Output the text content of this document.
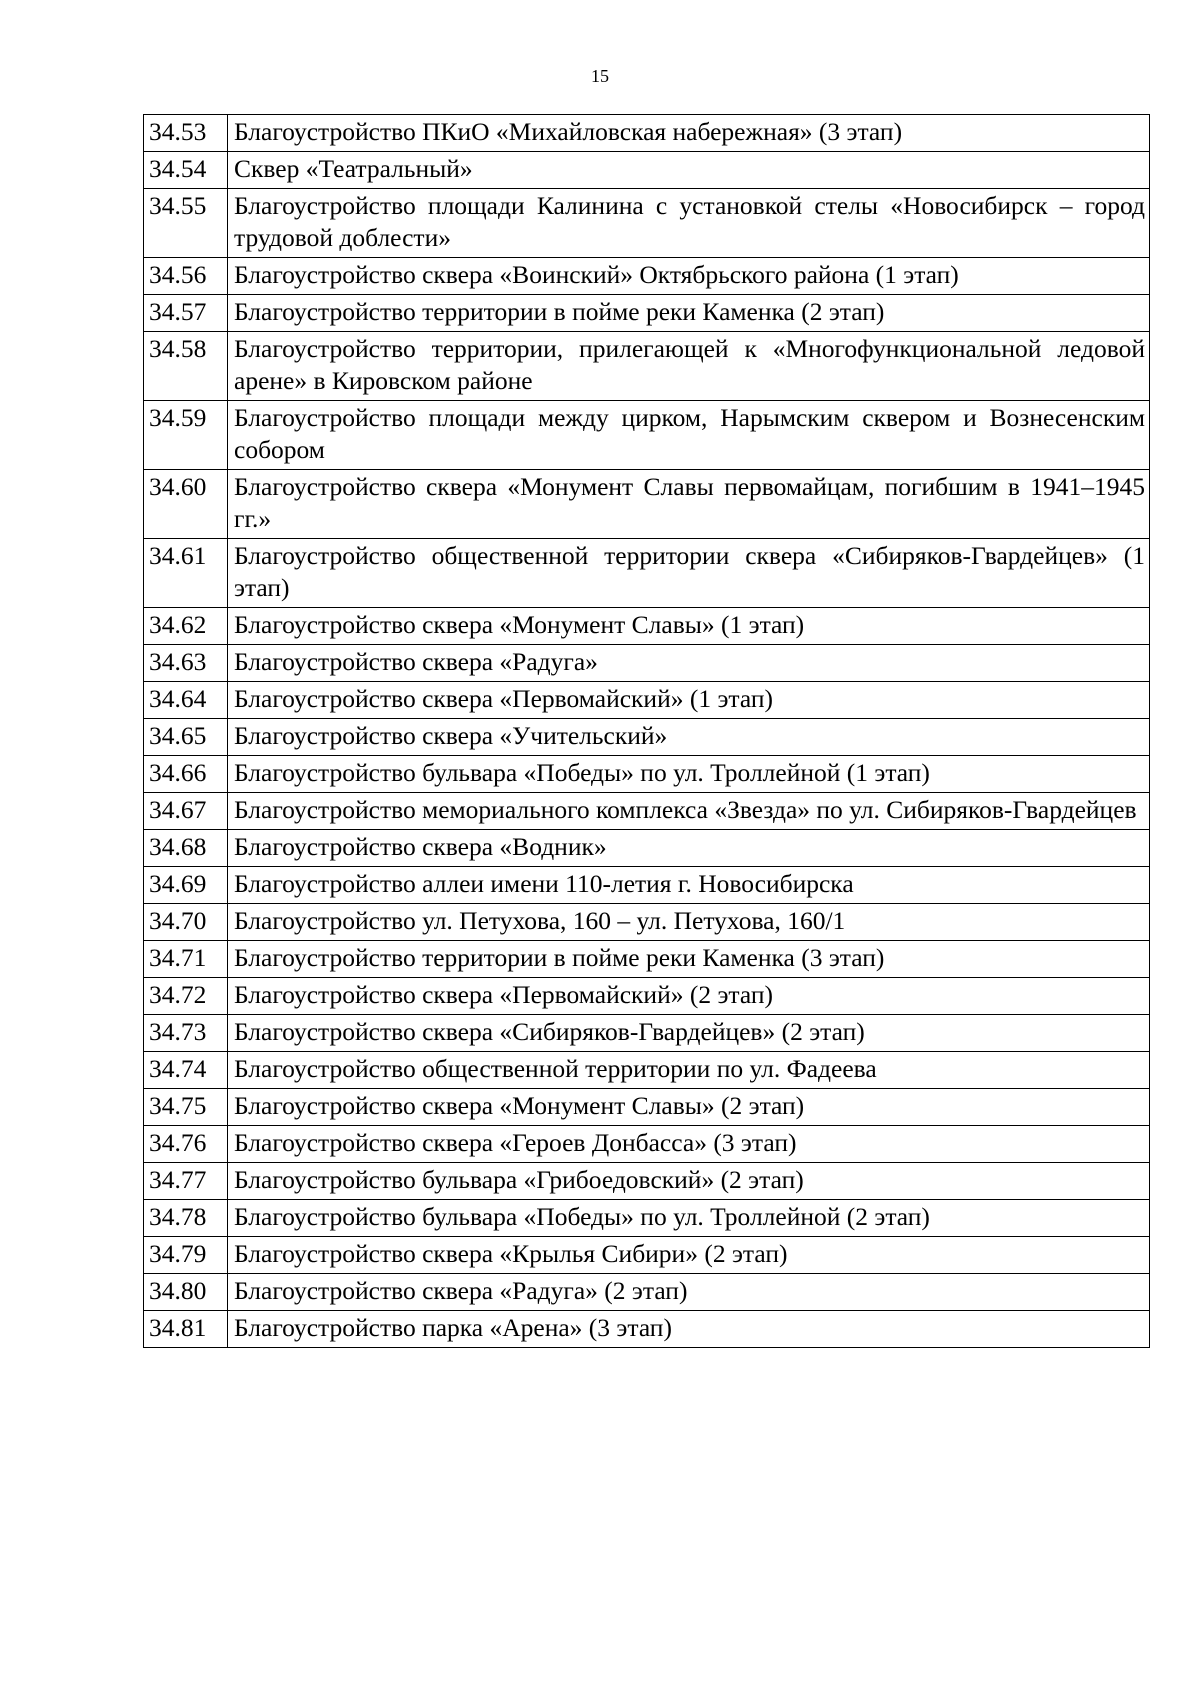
15
34.53	Благоустройство ПКиО «Михайловская набережная» (3 этап)
34.54	Сквер «Театральный»
34.55	Благоустройство площади Калинина с установкой стелы «Новосибирск – город трудовой доблести»
34.56	Благоустройство сквера «Воинский» Октябрьского района (1 этап)
34.57	Благоустройство территории в пойме реки Каменка (2 этап)
34.58	Благоустройство территории, прилегающей к «Многофункциональной ледовой арене» в Кировском районе
34.59	Благоустройство площади между цирком, Нарымским сквером и Вознесенским собором
34.60	Благоустройство сквера «Монумент Славы первомайцам, погибшим в 1941–1945 гг.»
34.61	Благоустройство общественной территории сквера «Сибиряков-Гвардейцев» (1 этап)
34.62	Благоустройство сквера «Монумент Славы» (1 этап)
34.63	Благоустройство сквера «Радуга»
34.64	Благоустройство сквера «Первомайский» (1 этап)
34.65	Благоустройство сквера «Учительский»
34.66	Благоустройство бульвара «Победы» по ул. Троллейной (1 этап)
34.67	Благоустройство мемориального комплекса «Звезда» по ул. Сибиряков-Гвардейцев
34.68	Благоустройство сквера «Водник»
34.69	Благоустройство аллеи имени 110-летия г. Новосибирска
34.70	Благоустройство ул. Петухова, 160 – ул. Петухова, 160/1
34.71	Благоустройство территории в пойме реки Каменка (3 этап)
34.72	Благоустройство сквера «Первомайский» (2 этап)
34.73	Благоустройство сквера «Сибиряков-Гвардейцев» (2 этап)
34.74	Благоустройство общественной территории по ул. Фадеева
34.75	Благоустройство сквера «Монумент Славы» (2 этап)
34.76	Благоустройство сквера «Героев Донбасса» (3 этап)
34.77	Благоустройство бульвара «Грибоедовский» (2 этап)
34.78	Благоустройство бульвара «Победы» по ул. Троллейной (2 этап)
34.79	Благоустройство сквера «Крылья Сибири» (2 этап)
34.80	Благоустройство сквера «Радуга» (2 этап)
34.81	Благоустройство парка «Арена» (3 этап)
